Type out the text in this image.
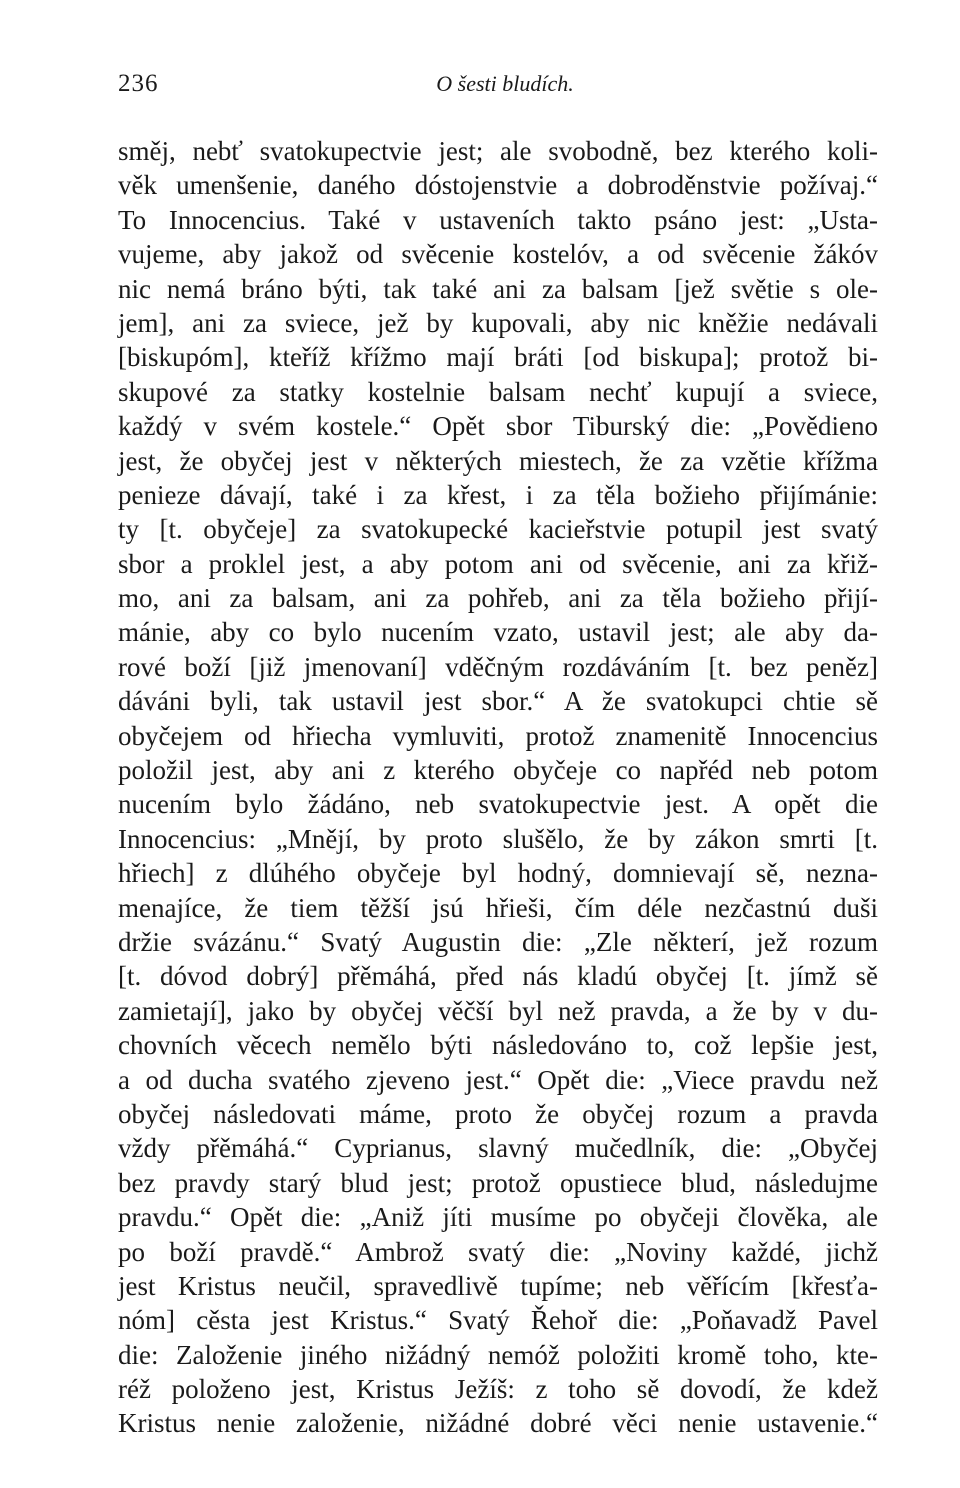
236	O šesti bludích.
směj, nebť svatokupectvie jest; ale svobodně, bez kterého koli-
věk umenšenie, daného dóstojenstvie a dobroděnstvie požívaj.“
To Innocencius. Také v ustaveních takto psáno jest: „Usta-
vujeme, aby jakož od svěcenie kostelóv, a od svěcenie žákóv
nic nemá bráno býti, tak také ani za balsam [jež světie s ole-
jem], ani za sviece, jež by kupovali, aby nic kněžie nedávali
[biskupóm], kteříž křížmo mají bráti [od biskupa]; protož bi-
skupové za statky kostelnie balsam nechť kupují a sviece,
každý v svém kostele.“ Opět sbor Tiburský die: „Povědieno
jest, že obyčej jest v některých miestech, že za vzětie křížma
penieze dávají, také i za křest, i za těla božieho přijímánie:
ty [t. obyčeje] za svatokupecké kacieřstvie potupil jest svatý
sbor a proklel jest, a aby potom ani od svěcenie, ani za křiž-
mo, ani za balsam, ani za pohřeb, ani za těla božieho přijí-
mánie, aby co bylo nucením vzato, ustavil jest; ale aby da-
rové boží [již jmenovaní] vděčným rozdáváním [t. bez peněz]
dáváni byli, tak ustavil jest sbor.“ A že svatokupci chtie sě
obyčejem od hřiecha vymluviti, protož znamenitě Innocencius
položil jest, aby ani z kterého obyčeje co napřéd neb potom
nucením bylo žádáno, neb svatokupectvie jest. A opět die
Innocencius: „Mnějí, by proto slušělo, že by zákon smrti [t.
hřiech] z dlúhého obyčeje byl hodný, domnievají sě, nezna-
menajíce, že tiem těžší jsú hřieši, čím déle nezčastnú duši
držie svázánu.“ Svatý Augustin die: „Zle některí, jež rozum
[t. dóvod dobrý] přěmáhá, před nás kladú obyčej [t. jímž sě
zamietají], jako by obyčej věčší byl než pravda, a že by v du-
chovních věcech nemělo býti následováno to, což lepšie jest,
a od ducha svatého zjeveno jest.“ Opět die: „Viece pravdu než
obyčej následovati máme, proto že obyčej rozum a pravda
vždy přěmáhá.“ Cyprianus, slavný mučedlník, die: „Obyčej
bez pravdy starý blud jest; protož opustiece blud, následujme
pravdu.“ Opět die: „Aniž jíti musíme po obyčeji člověka, ale
po boží pravdě.“ Ambrož svatý die: „Noviny každé, jichž
jest Kristus neučil, spravedlivě tupíme; neb věřícím [křesťa-
nóm] cěsta jest Kristus.“ Svatý Řehoř die: „Poňavadž Pavel
die: Založenie jiného nižádný nemóž položiti kromě toho, kte-
réž položeno jest, Kristus Ježíš: z toho sě dovodí, že kdež
Kristus nenie založenie, nižádné dobré věci nenie ustavenie.“
